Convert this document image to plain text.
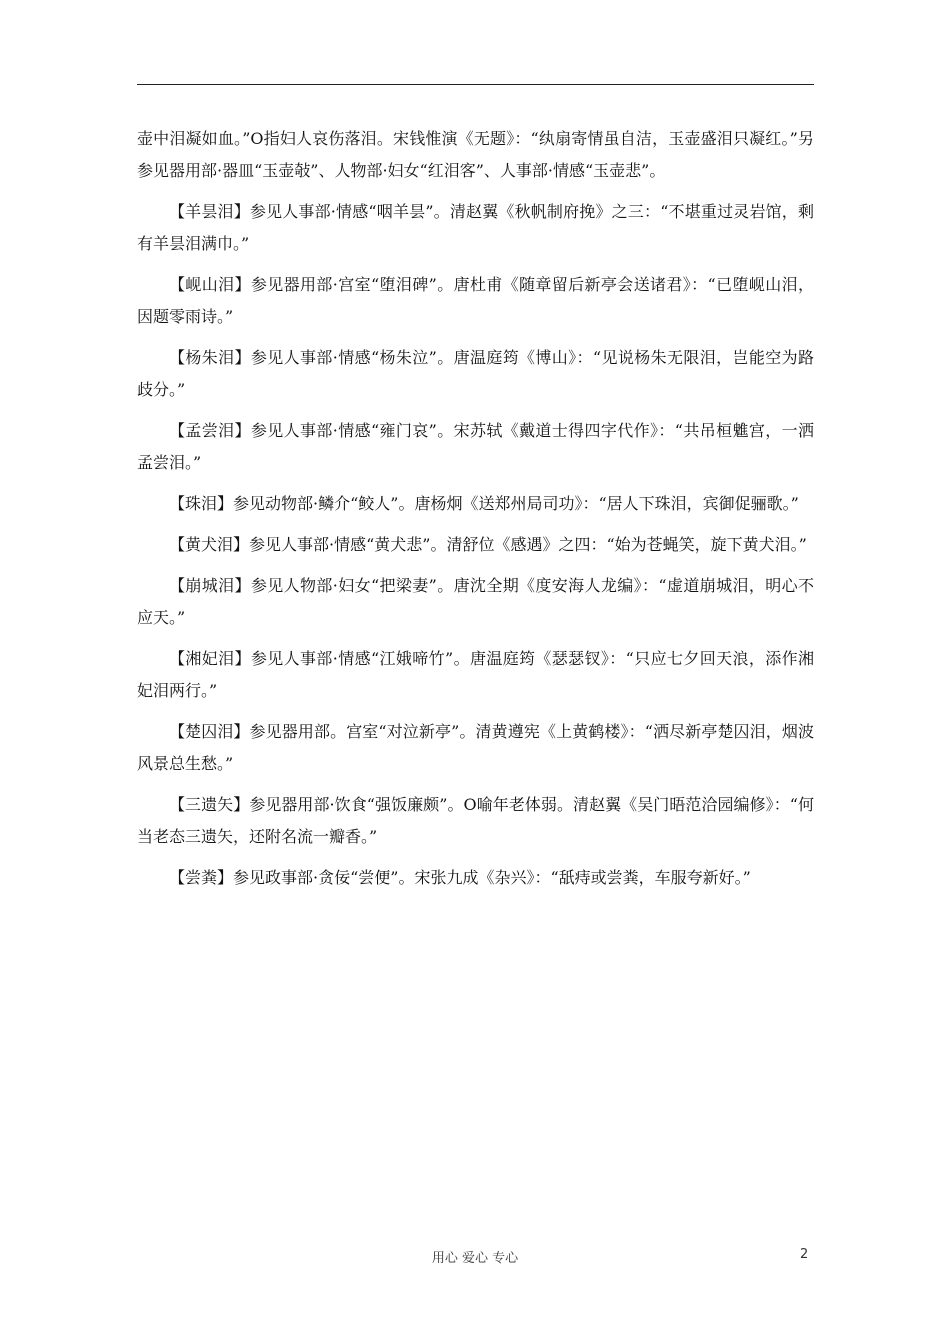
壶中泪凝如血。”O指妇人哀伤落泪。宋钱惟演《无题》：“纨扇寄情虽自洁，玉壶盛泪只凝红。”另参见器用部·器皿“玉壶敧”、人物部·妇女“红泪客”、人事部·情感“玉壶悲”。

【羊昙泪】参见人事部·情感“咽羊昙”。清赵翼《秋帆制府挽》之三：“不堪重过灵岩馆，剩有羊昙泪满巾。”

【岘山泪】参见器用部·宫室“堕泪碑”。唐杜甫《随章留后新亭会送诸君》：“已堕岘山泪，因题零雨诗。”

【杨朱泪】参见人事部·情感“杨朱泣”。唐温庭筠《博山》：“见说杨朱无限泪，岂能空为路歧分。”

【孟尝泪】参见人事部·情感“雍门哀”。宋苏轼《戴道士得四字代作》：“共吊桓魋宫，一洒孟尝泪。”

【珠泪】参见动物部·鳞介“鲛人”。唐杨炯《送郑州局司功》：“居人下珠泪，宾御促骊歌。”

【黄犬泪】参见人事部·情感“黄犬悲”。清舒位《感遇》之四：“始为苍蝇笑，旋下黄犬泪。”

【崩城泪】参见人物部·妇女“把梁妻”。唐沈全期《度安海人龙编》：“虚道崩城泪，明心不应天。”

【湘妃泪】参见人事部·情感“江娥啼竹”。唐温庭筠《瑟瑟钗》：“只应七夕回天浪，添作湘妃泪两行。”

【楚囚泪】参见器用部。宫室“对泣新亭”。清黄遵宪《上黄鹤楼》：“洒尽新亭楚囚泪，烟波风景总生愁。”

【三遗矢】参见器用部·饮食“强饭廉颇”。O喻年老体弱。清赵翼《吴门晤范洽园编修》：“何当老态三遗矢，还附名流一瓣香。”

【尝粪】参见政事部·贪佞“尝便”。宋张九成《杂兴》：“舐痔或尝粪，车服夸新好。”

用心 爱心 专心	2
